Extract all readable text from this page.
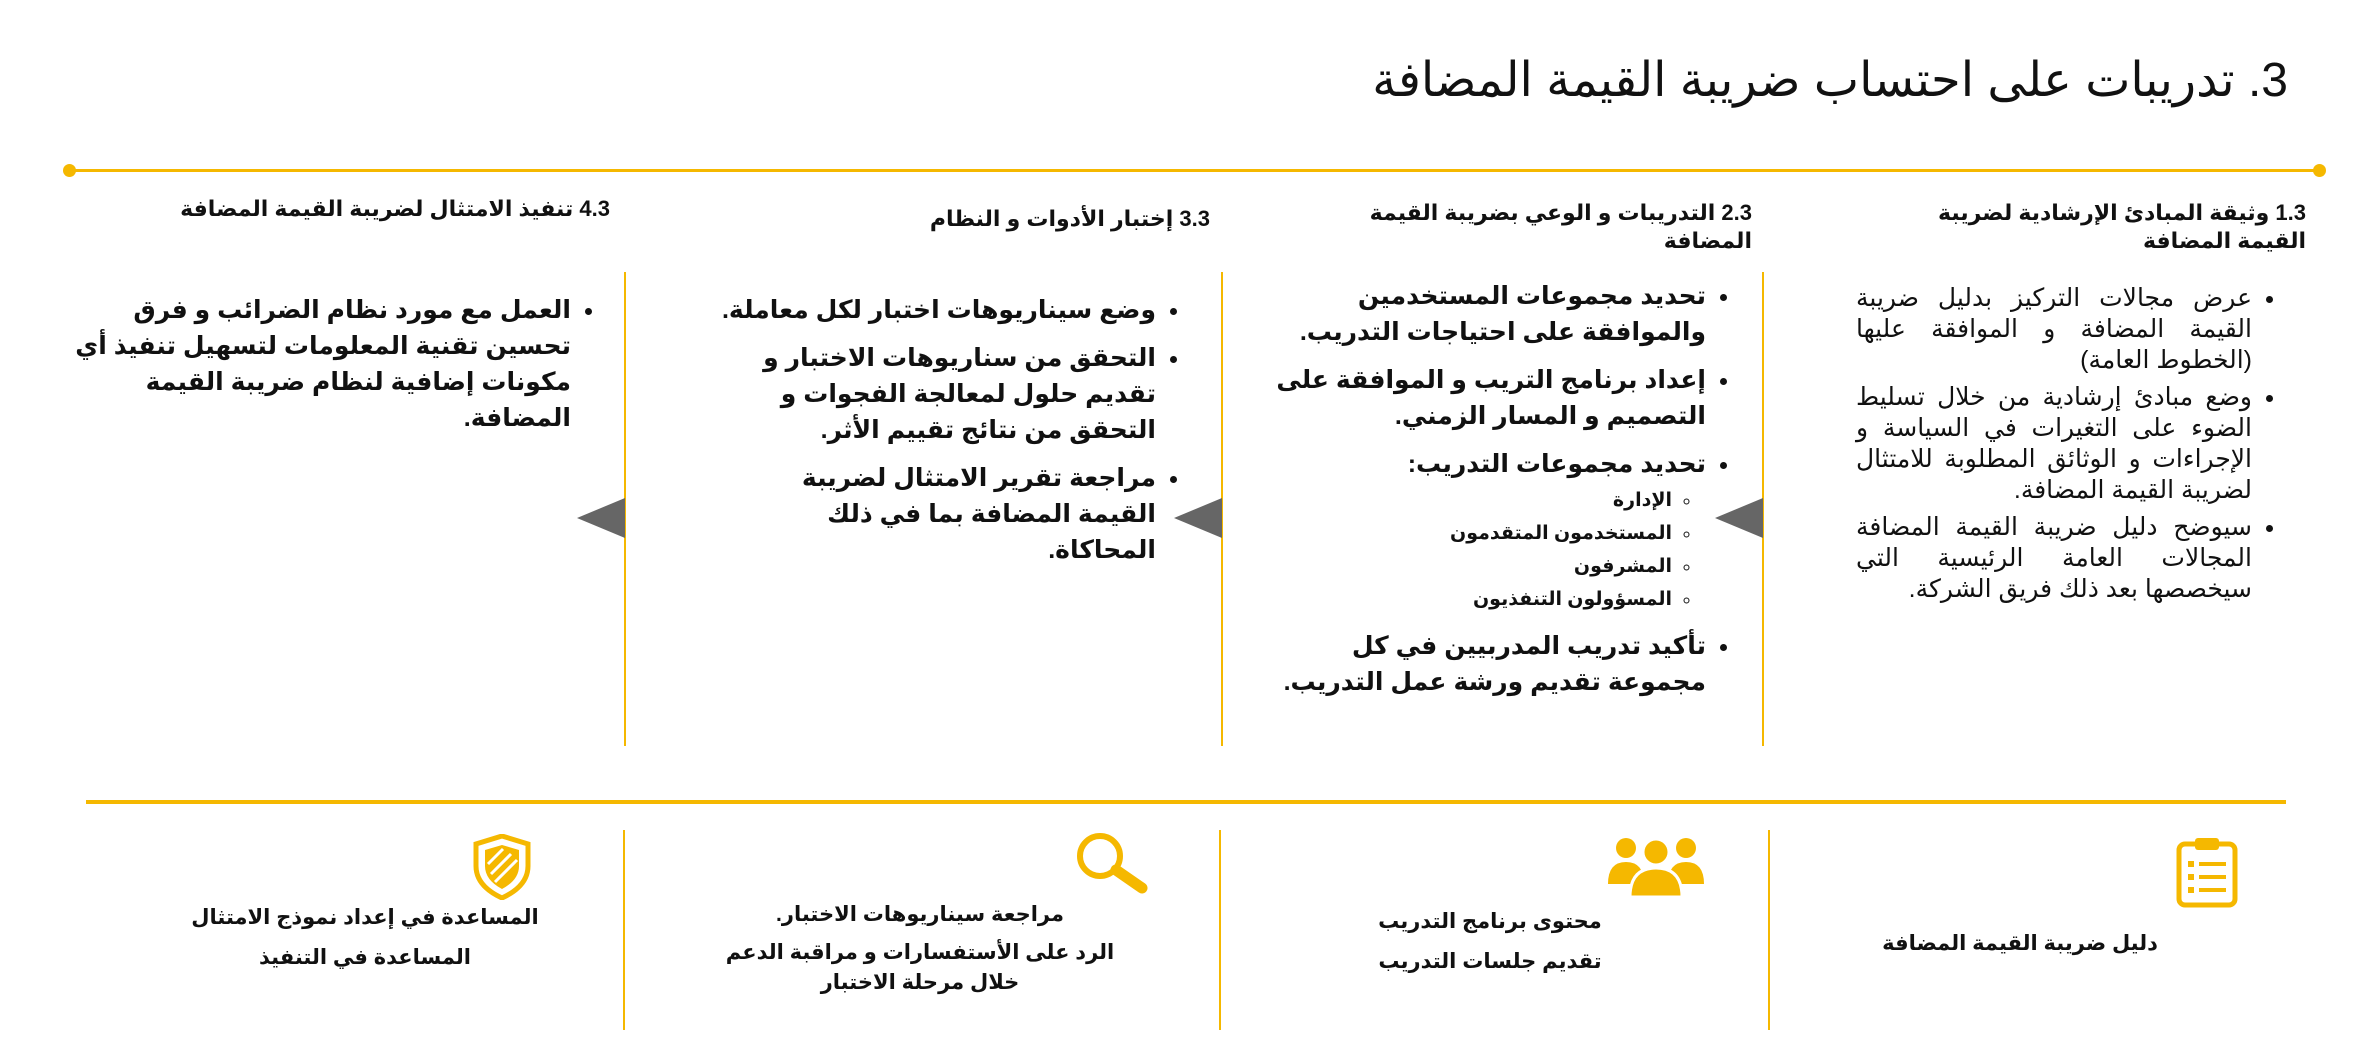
3. تدريبات على احتساب ضريبة القيمة المضافة
1.3 وثيقة المبادئ الإرشادية لضريبة القيمة المضافة
2.3 التدريبات و الوعي بضريبة القيمة المضافة
3.3 إختبار الأدوات و النظام
4.3 تنفيذ الامتثال لضريبة القيمة المضافة
• عرض مجالات التركيز بدليل ضريبة القيمة المضافة و الموافقة عليها (الخطوط العامة)
• وضع مبادئ إرشادية من خلال تسليط الضوء على التغيرات في السياسة و الإجراءات و الوثائق المطلوبة للامتثال لضريبة القيمة المضافة.
• سيوضح دليل ضريبة القيمة المضافة المجالات العامة الرئيسية التي سيخصصها بعد ذلك فريق الشركة.
• تحديد مجموعات المستخدمين والموافقة على احتياجات التدريب.
• إعداد برنامج التريب و الموافقة على التصميم و المسار الزمني.
• تحديد مجموعات التدريب:
◦ الإدارة
◦ المستخدمون المتقدمون
◦ المشرفون
◦ المسؤولون التنفذيون
• تأكيد تدريب المدربيين في كل مجموعة تقديم ورشة عمل التدريب.
• وضع سيناريوهات اختبار لكل معاملة.
• التحقق من سناريوهات الاختبار و تقديم حلول لمعالجة الفجوات و التحقق من نتائج تقييم الأثر.
• مراجعة تقرير الامتثال لضريبة القيمة المضافة بما في ذلك المحاكاة.
• العمل مع مورد نظام الضرائب و فرق تحسين تقنية المعلومات لتسهيل تنفيذ أي مكونات إضافية لنظام ضريبة القيمة المضافة.
دليل ضريبة القيمة المضافة
محتوى برنامج التدريب
تقديم جلسات التدريب
مراجعة سيناريوهات الاختبار.
الرد على الأستفسارات و مراقبة الدعم
خلال مرحلة الاختبار
المساعدة في إعداد نموذج الامتثال
المساعدة في التنفيذ
